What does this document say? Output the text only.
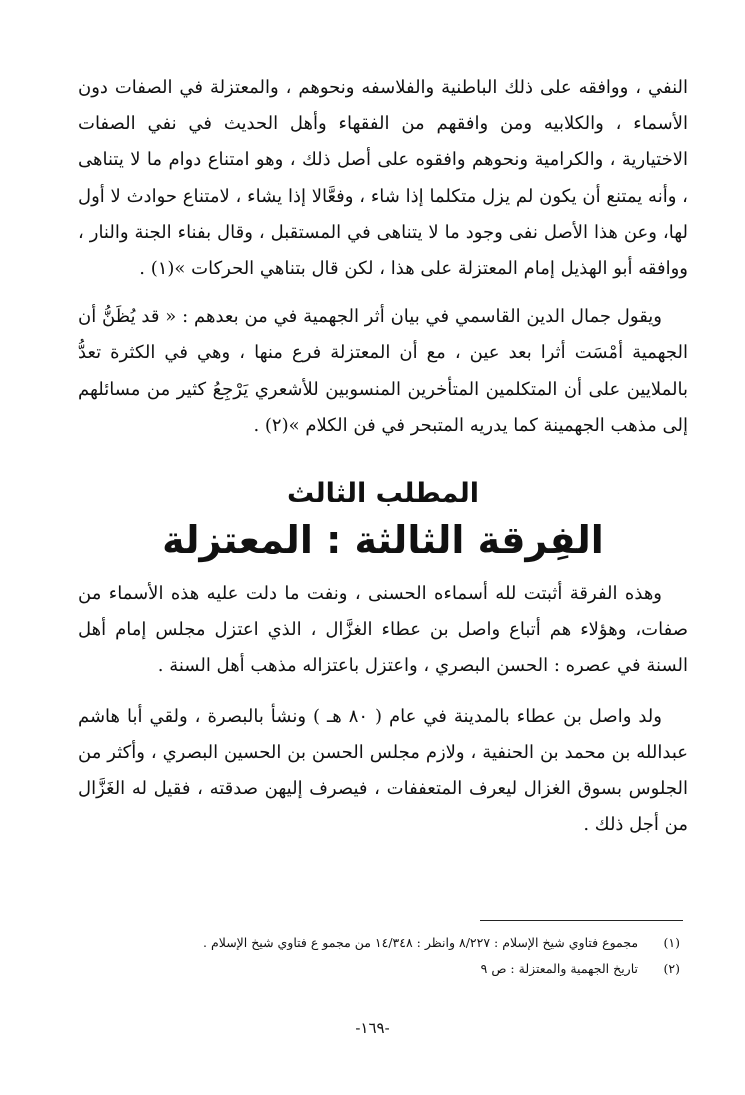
النفي ، ووافقه على ذلك الباطنية والفلاسفه ونحوهم ، والمعتزلة في الصفات دون الأسماء ، والكلابيه ومن وافقهم من الفقهاء وأهل الحديث في نفي الصفات الاختيارية ، والكرامية ونحوهم وافقوه على أصل ذلك ، وهو امتناع دوام ما لا يتناهى ، وأنه يمتنع أن يكون لم يزل متكلما إذا شاء ، وفعَّالا إذا يشاء ، لامتناع حوادث لا أول لها، وعن هذا الأصل نفى وجود ما لا يتناهى في المستقبل ، وقال بفناء الجنة والنار ، ووافقه أبو الهذيل إمام المعتزلة على هذا ، لكن قال بتناهي الحركات »(١) .

ويقول جمال الدين القاسمي في بيان أثر الجهمية في من بعدهم : « قد يُظَنُّ أن الجهمية أمْسَت أثرا بعد عين ، مع أن المعتزلة فرع منها ، وهي في الكثرة تعدُّ بالملايين على أن المتكلمين المتأخرين المنسوبين للأشعري يَرْجِعُ كثير من مسائلهم إلى مذهب الجهمينة كما يدريه المتبحر في فن الكلام »(٢) .

المطلب الثالث

الفِرقة الثالثة : المعتزلة

وهذه الفرقة أثبتت لله أسماءه الحسنى ، ونفت ما دلت عليه هذه الأسماء من صفات، وهؤلاء هم أتباع واصل بن عطاء الغزَّال ، الذي اعتزل مجلس إمام أهل السنة في عصره : الحسن البصري ، واعتزل باعتزاله مذهب أهل السنة .

ولد واصل بن عطاء بالمدينة في عام ( ٨٠ هـ ) ونشأ بالبصرة ، ولقي أبا هاشم عبدالله بن محمد بن الحنفية ، ولازم مجلس الحسن بن الحسين البصري ، وأكثر من الجلوس بسوق الغزال ليعرف المتعففات ، فيصرف إليهن صدقته ، فقيل له الغَزَّال من أجل ذلك .

(١) مجموع فتاوي شيخ الإسلام : ٨/٢٢٧ وانظر : ١٤/٣٤٨ من مجمو ع فتاوي شيخ الإسلام .

(٢) تاريخ الجهمية والمعتزلة : ص ٩

-١٦٩-
